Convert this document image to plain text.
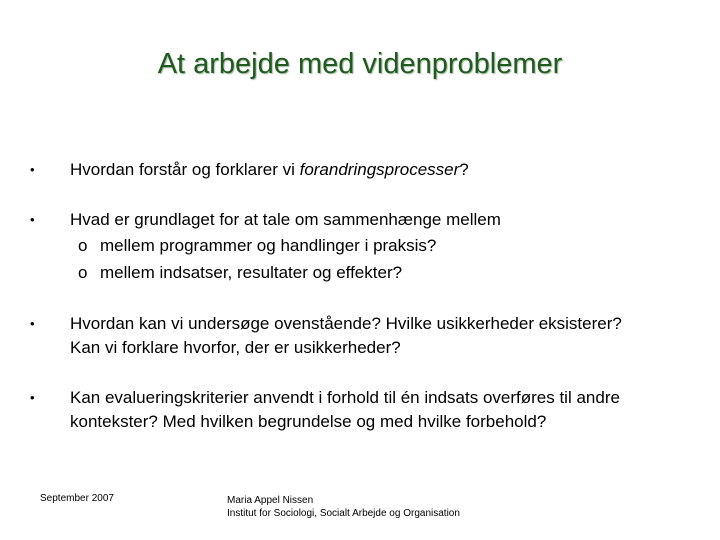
At arbejde med videnproblemer
• Hvordan forstår og forklarer vi forandringsprocesser?
• Hvad er grundlaget for at tale om sammenhænge mellem
o mellem programmer og handlinger i praksis?
o mellem indsatser, resultater og effekter?
• Hvordan kan vi undersøge ovenstående? Hvilke usikkerheder eksisterer?
Kan vi forklare hvorfor, der er usikkerheder?
• Kan evalueringskriterier anvendt i forhold til én indsats overføres til andre
kontekster? Med hvilken begrundelse og med hvilke forbehold?
September 2007	Maria Appel Nissen
Institut for Sociologi, Socialt Arbejde og Organisation
